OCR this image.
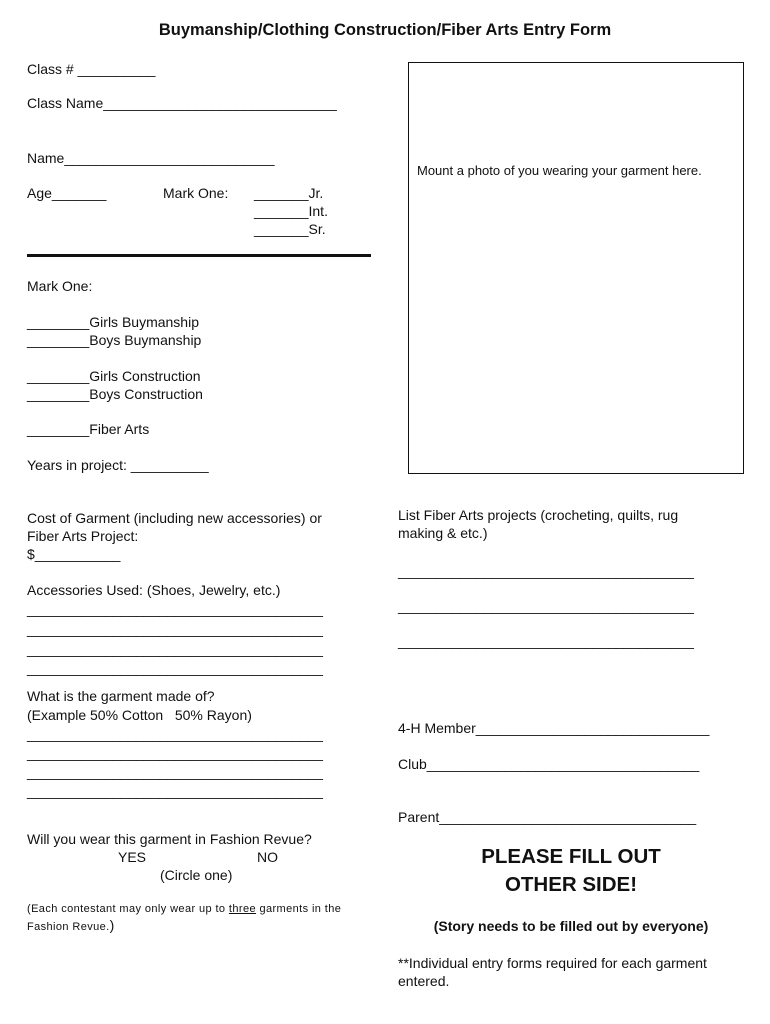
Buymanship/Clothing Construction/Fiber Arts Entry Form
Class # __________
Class Name______________________________
Name___________________________
Age_______	Mark One: _______Jr.
_______Int.
_______Sr.
Mark One:
________Girls Buymanship
________Boys Buymanship
________Girls Construction
________Boys Construction
________Fiber Arts
Years in project: __________
Mount a photo of you wearing your garment here.
Cost of Garment (including new accessories) or
Fiber Arts Project:
$___________
Accessories Used: (Shoes, Jewelry, etc.)
______________________________________
______________________________________
______________________________________
______________________________________
What is the garment made of?
(Example 50% Cotton   50% Rayon)
______________________________________
______________________________________
______________________________________
______________________________________
Will you wear this garment in Fashion Revue?
YES	NO
(Circle one)
(Each contestant may only wear up to three garments in the
Fashion Revue.)
List Fiber Arts projects (crocheting, quilts, rug
making & etc.)
______________________________________
______________________________________
______________________________________
4-H Member______________________________
Club___________________________________
Parent_________________________________
PLEASE FILL OUT
OTHER SIDE!
(Story needs to be filled out by everyone)
**Individual entry forms required for each garment
entered.
